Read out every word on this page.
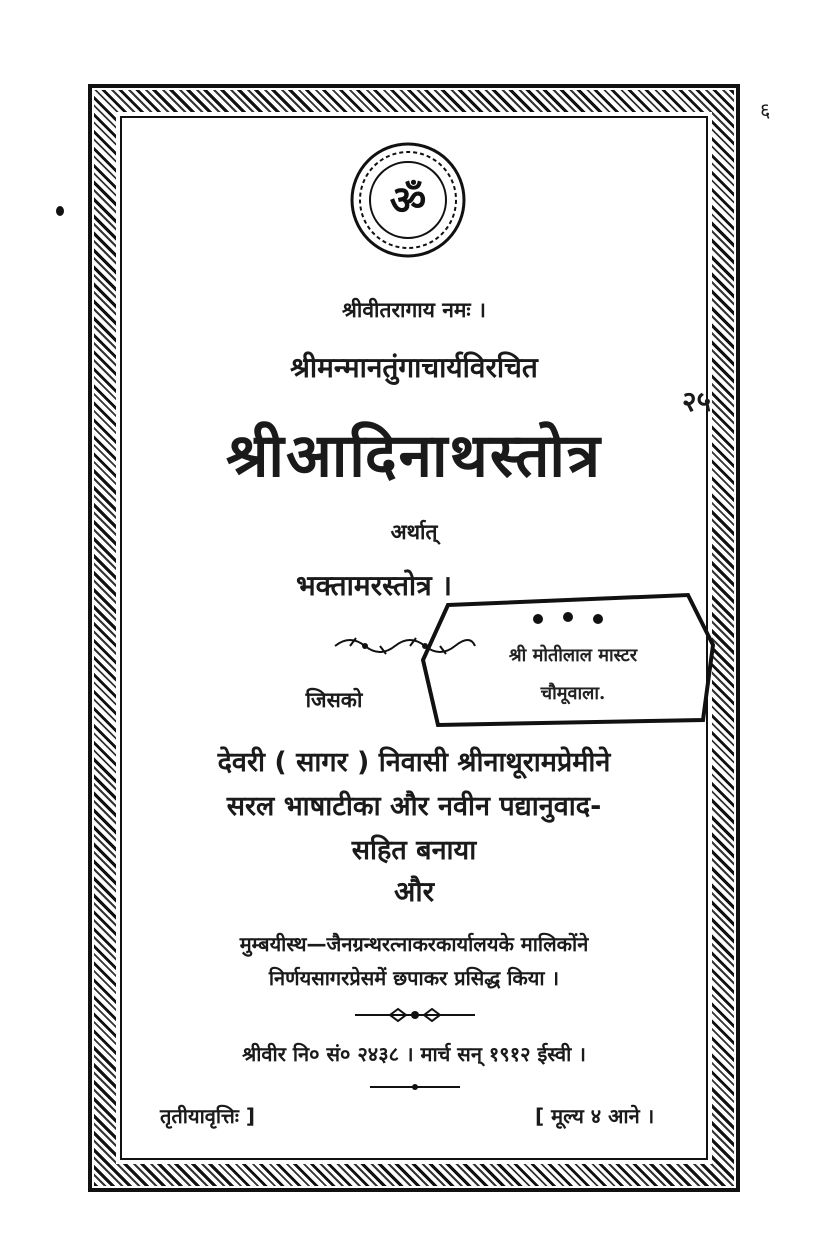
६
२५
ॐ
श्रीवीतरागाय नमः ।
श्रीमन्मानतुंगाचार्यविरचित
श्रीआदिनाथस्तोत्र
अर्थात्
भक्तामरस्तोत्र ।
जिसको
श्री मोतीलाल मास्टर
चौमूवाला.
देवरी ( सागर ) निवासी श्रीनाथूरामप्रेमीने
सरल भाषाटीका और नवीन पद्यानुवाद-
सहित बनाया
और
मुम्बयीस्थ—जैनग्रन्थरत्नाकरकार्यालयके मालिकोंने
निर्णयसागरप्रेसमें छपाकर प्रसिद्ध किया ।
श्रीवीर नि० सं० २४३८ । मार्च सन् १९१२ ईस्वी ।
तृतीयावृत्तिः ]	[ मूल्य ४ आने ।
